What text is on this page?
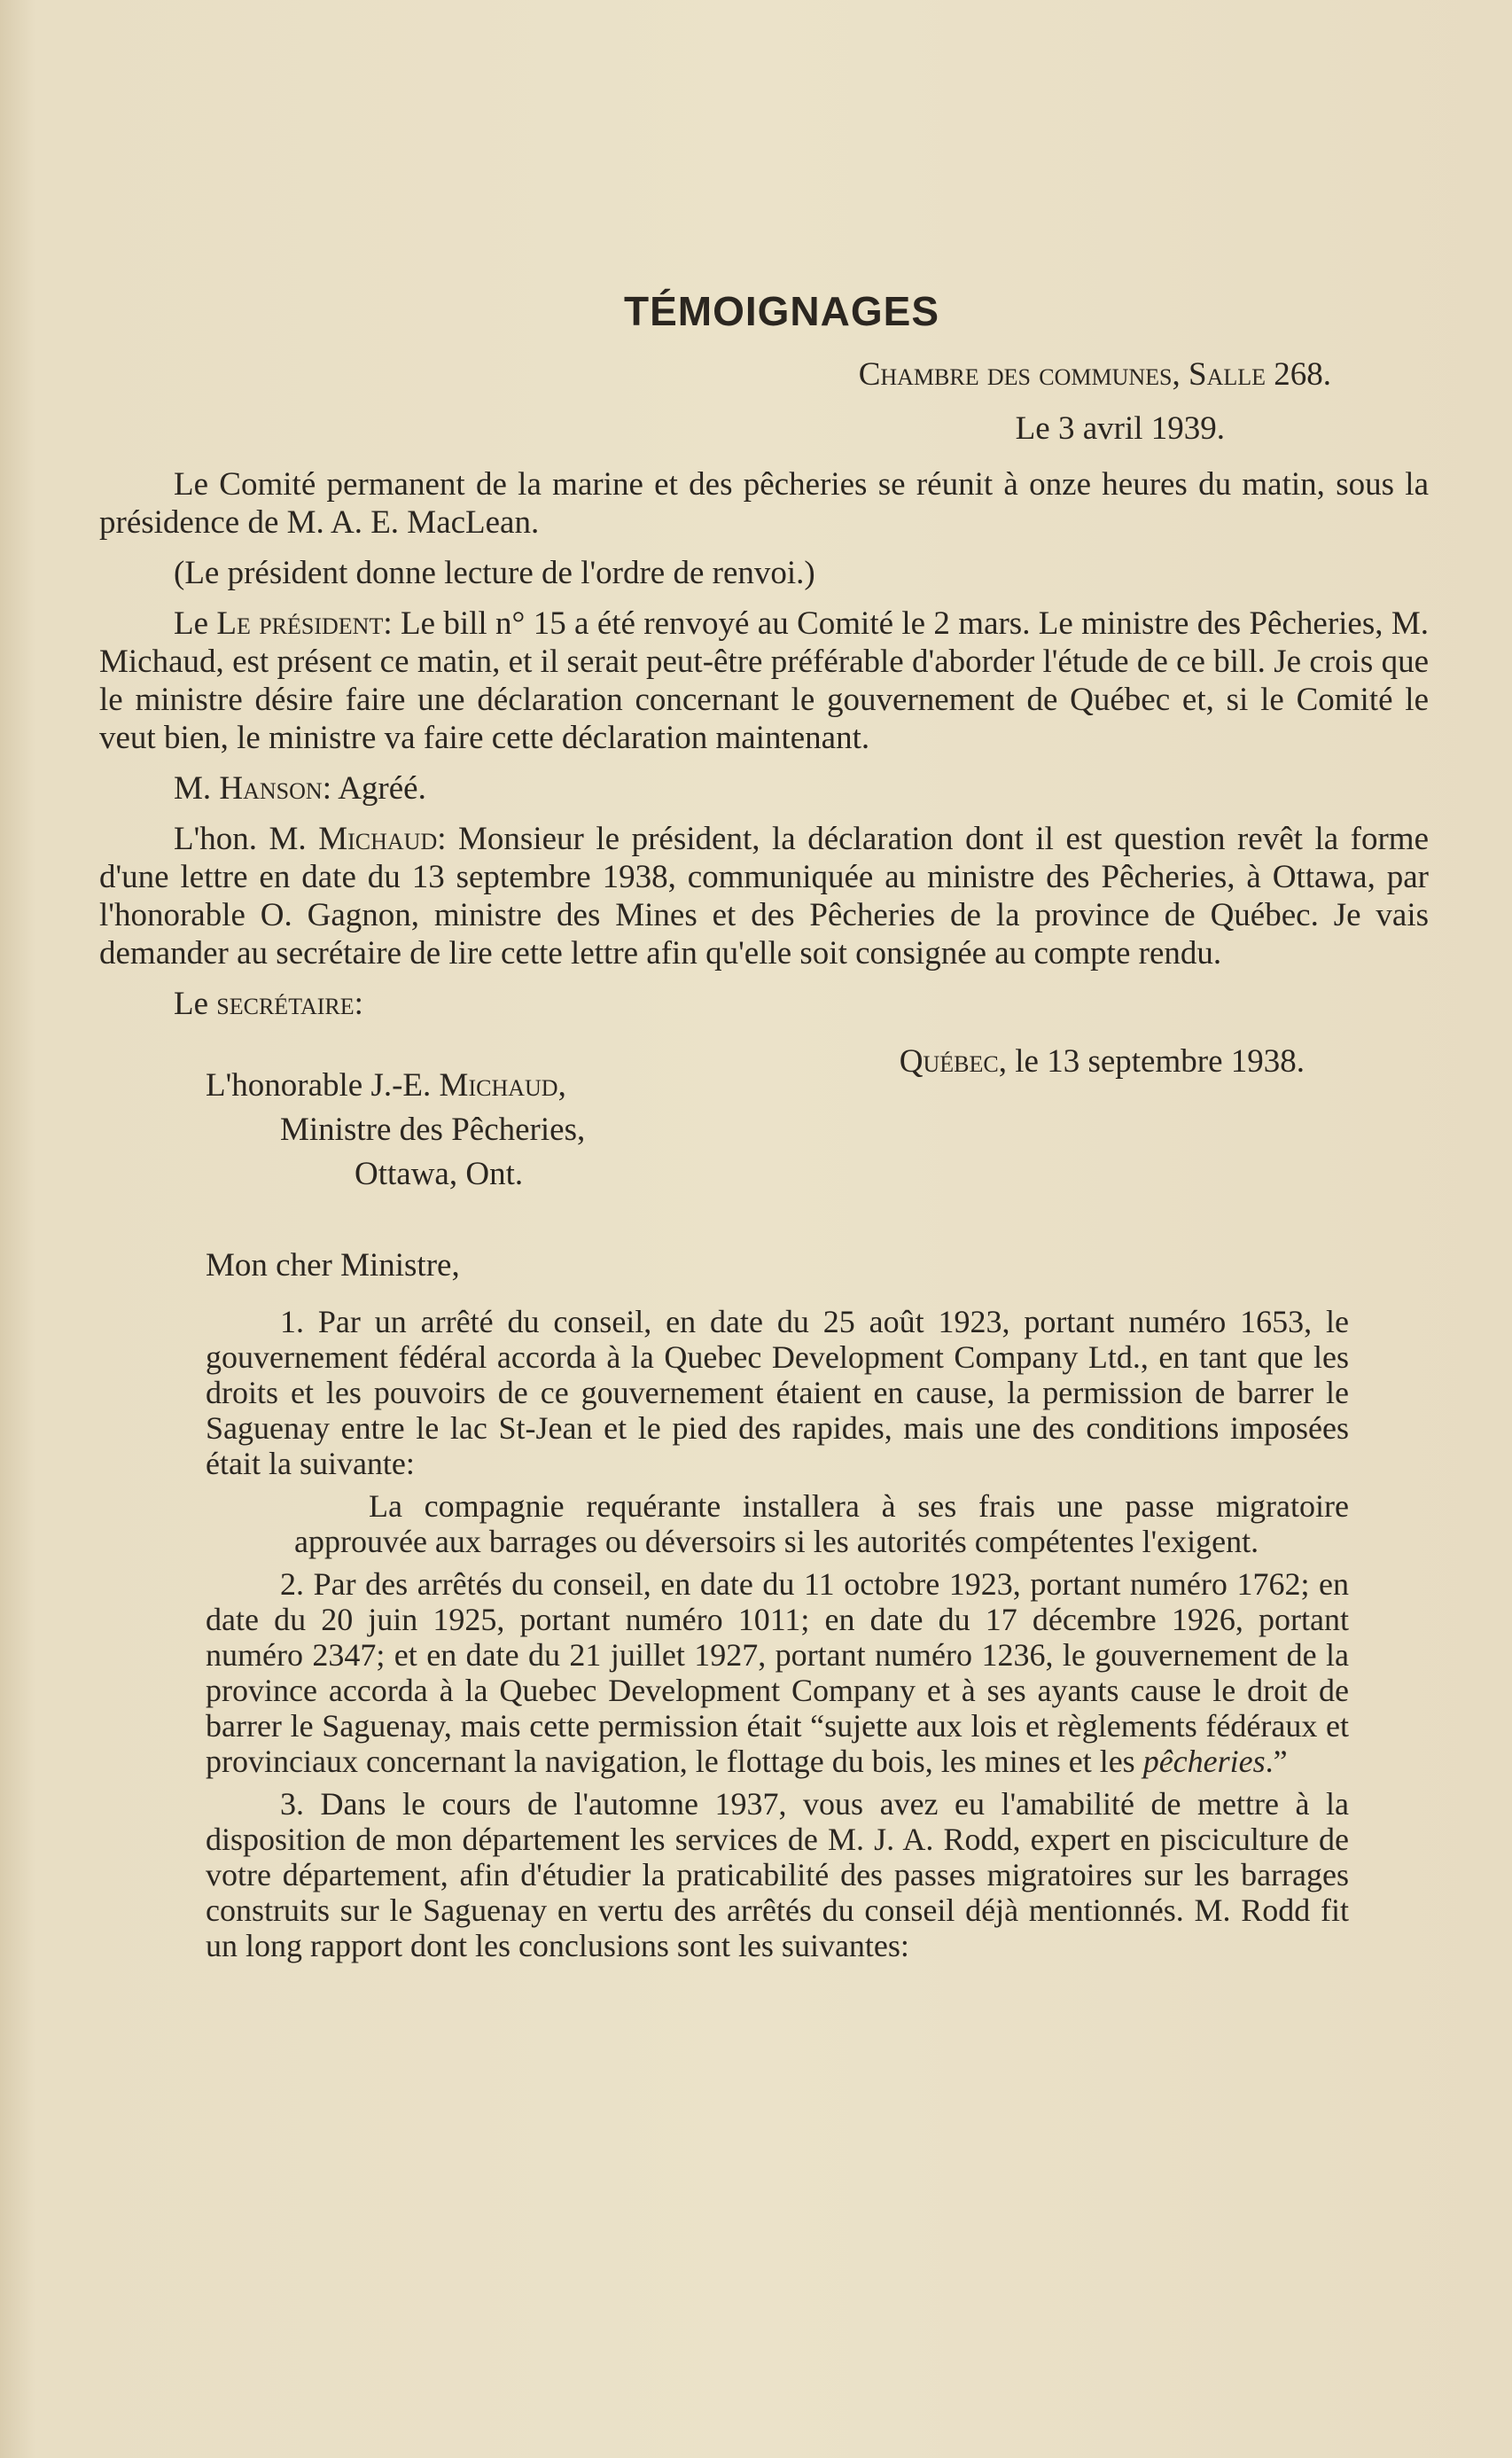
TÉMOIGNAGES
Chambre des communes, Salle 268.
Le 3 avril 1939.

Le Comité permanent de la marine et des pêcheries se réunit à onze heures du matin, sous la présidence de M. A. E. MacLean.

(Le président donne lecture de l'ordre de renvoi.)

Le Le président: Le bill n° 15 a été renvoyé au Comité le 2 mars. Le ministre des Pêcheries, M. Michaud, est présent ce matin, et il serait peut-être préférable d'aborder l'étude de ce bill. Je crois que le ministre désire faire une déclaration concernant le gouvernement de Québec et, si le Comité le veut bien, le ministre va faire cette déclaration maintenant.

M. Hanson: Agréé.

L'hon. M. Michaud: Monsieur le président, la déclaration dont il est question revêt la forme d'une lettre en date du 13 septembre 1938, communiquée au ministre des Pêcheries, à Ottawa, par l'honorable O. Gagnon, ministre des Mines et des Pêcheries de la province de Québec. Je vais demander au secrétaire de lire cette lettre afin qu'elle soit consignée au compte rendu.

Le secrétaire:

L'honorable J.-E. Michaud,
Ministre des Pêcheries,
Ottawa, Ont.
Québec, le 13 septembre 1938.
Mon cher Ministre,

1. Par un arrêté du conseil, en date du 25 août 1923, portant numéro 1653, le gouvernement fédéral accorda à la Quebec Development Company Ltd., en tant que les droits et les pouvoirs de ce gouvernement étaient en cause, la permission de barrer le Saguenay entre le lac St-Jean et le pied des rapides, mais une des conditions imposées était la suivante:

La compagnie requérante installera à ses frais une passe migratoire approuvée aux barrages ou déversoirs si les autorités compétentes l'exigent.

2. Par des arrêtés du conseil, en date du 11 octobre 1923, portant numéro 1762; en date du 20 juin 1925, portant numéro 1011; en date du 17 décembre 1926, portant numéro 2347; et en date du 21 juillet 1927, portant numéro 1236, le gouvernement de la province accorda à la Quebec Development Company et à ses ayants cause le droit de barrer le Saguenay, mais cette permission était “sujette aux lois et règlements fédéraux et provinciaux concernant la navigation, le flottage du bois, les mines et les pêcheries.”

3. Dans le cours de l'automne 1937, vous avez eu l'amabilité de mettre à la disposition de mon département les services de M. J. A. Rodd, expert en pisciculture de votre département, afin d'étudier la praticabilité des passes migratoires sur les barrages construits sur le Saguenay en vertu des arrêtés du conseil déjà mentionnés. M. Rodd fit un long rapport dont les conclusions sont les suivantes:
